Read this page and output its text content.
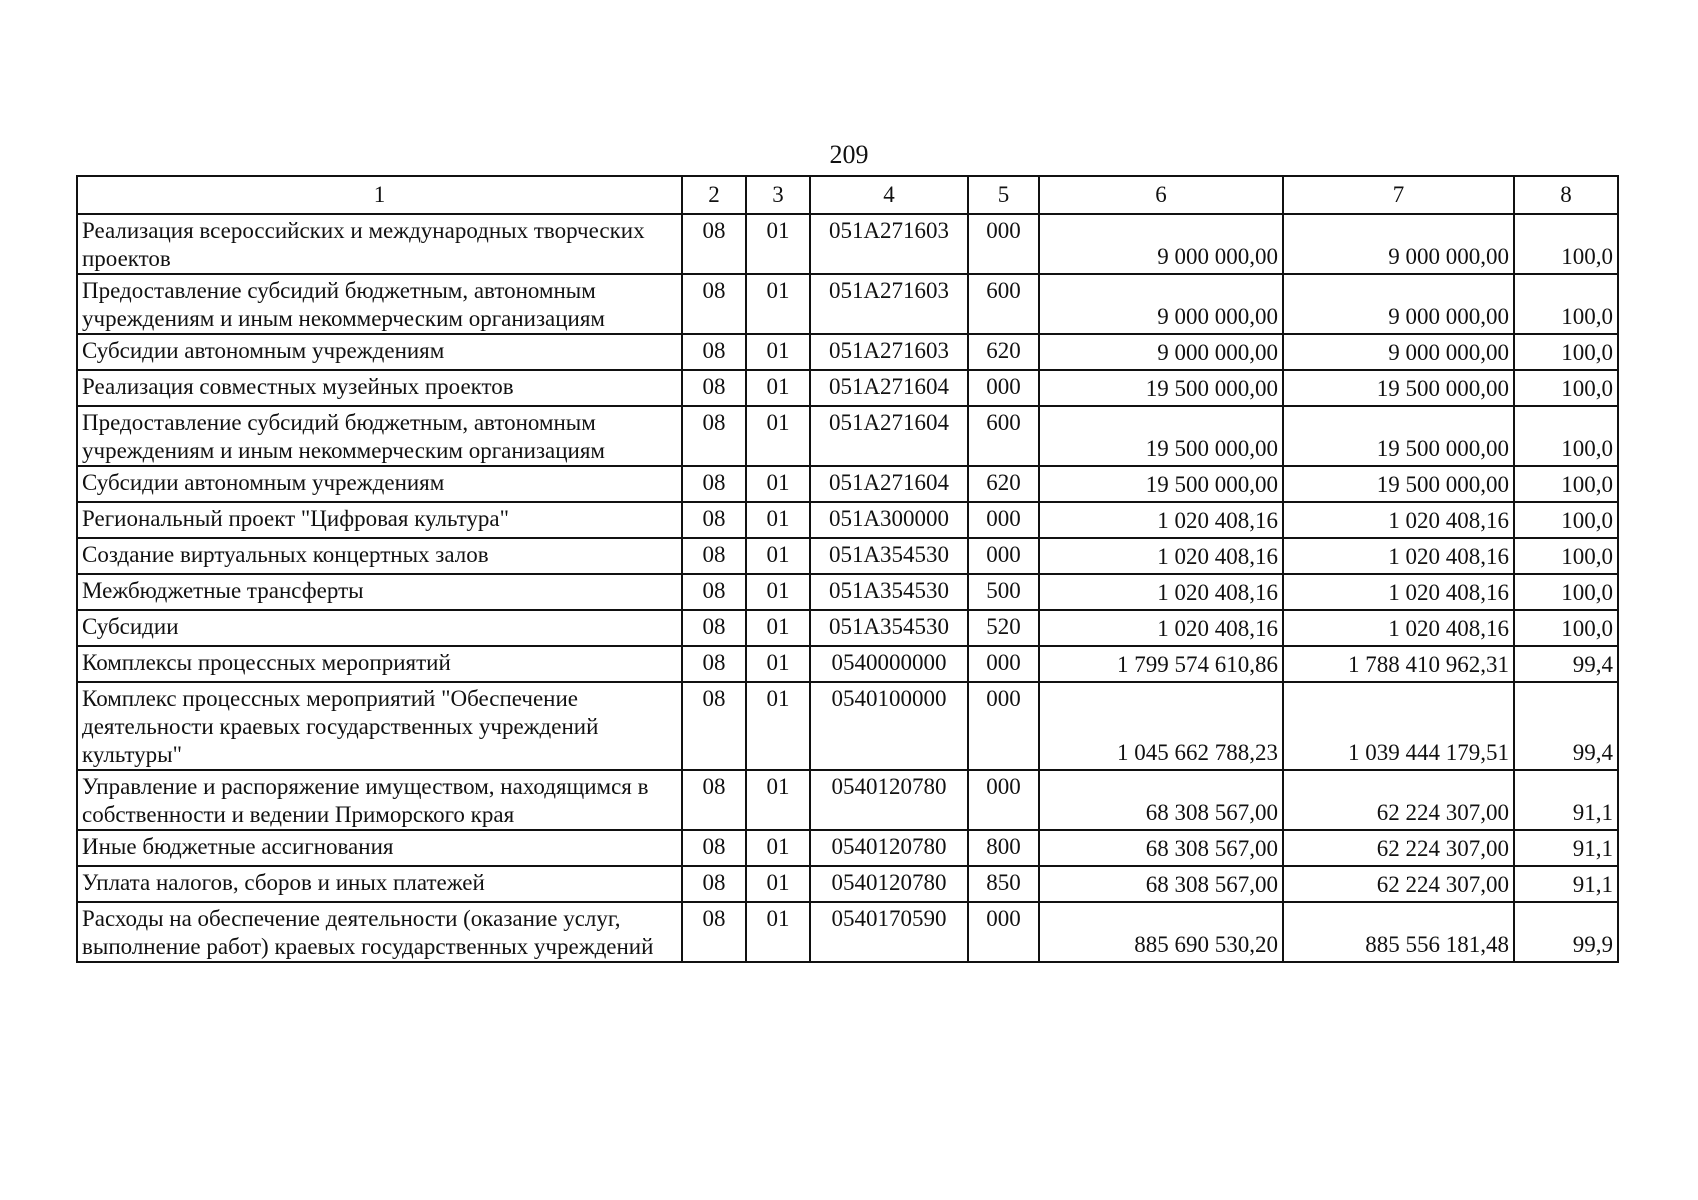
209
1	2	3	4	5	6	7	8
Реализация всероссийских и международных творческих проектов	08	01	051A271603	000	9 000 000,00	9 000 000,00	100,0
Предоставление субсидий бюджетным, автономным учреждениям и иным некоммерческим организациям	08	01	051A271603	600	9 000 000,00	9 000 000,00	100,0
Субсидии автономным учреждениям	08	01	051A271603	620	9 000 000,00	9 000 000,00	100,0
Реализация совместных музейных проектов	08	01	051A271604	000	19 500 000,00	19 500 000,00	100,0
Предоставление субсидий бюджетным, автономным учреждениям и иным некоммерческим организациям	08	01	051A271604	600	19 500 000,00	19 500 000,00	100,0
Субсидии автономным учреждениям	08	01	051A271604	620	19 500 000,00	19 500 000,00	100,0
Региональный проект "Цифровая культура"	08	01	051A300000	000	1 020 408,16	1 020 408,16	100,0
Создание виртуальных концертных залов	08	01	051A354530	000	1 020 408,16	1 020 408,16	100,0
Межбюджетные трансферты	08	01	051A354530	500	1 020 408,16	1 020 408,16	100,0
Субсидии	08	01	051A354530	520	1 020 408,16	1 020 408,16	100,0
Комплексы процессных мероприятий	08	01	0540000000	000	1 799 574 610,86	1 788 410 962,31	99,4
Комплекс процессных мероприятий "Обеспечение деятельности краевых государственных учреждений культуры"	08	01	0540100000	000	1 045 662 788,23	1 039 444 179,51	99,4
Управление и распоряжение имуществом, находящимся в собственности и ведении Приморского края	08	01	0540120780	000	68 308 567,00	62 224 307,00	91,1
Иные бюджетные ассигнования	08	01	0540120780	800	68 308 567,00	62 224 307,00	91,1
Уплата налогов, сборов и иных платежей	08	01	0540120780	850	68 308 567,00	62 224 307,00	91,1
Расходы на обеспечение деятельности (оказание услуг, выполнение работ) краевых государственных учреждений	08	01	0540170590	000	885 690 530,20	885 556 181,48	99,9
